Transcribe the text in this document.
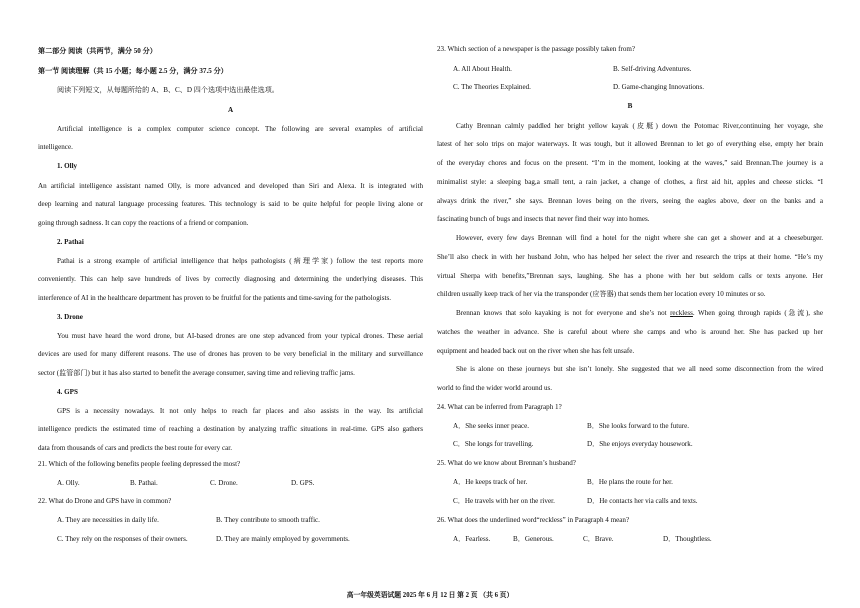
第二部分 阅读（共两节，满分 50 分）
第一节 阅读理解（共 15 小题；每小题 2.5 分，满分 37.5 分）
阅读下列短文，从每题所给的 A、B、C、D 四个选项中选出最佳选项。
A
Artificial intelligence is a complex computer science concept. The following are several examples of artificial
intelligence.
1. Olly
An artificial intelligence assistant named Olly, is more advanced and developed than Siri and Alexa. It is integrated with
deep learning and natural language processing features. This technology is said to be quite helpful for people living alone or
going through sadness. It can copy the reactions of a friend or companion.
2. Pathai
Pathai is a strong example of artificial intelligence that helps pathologists (病理学家) follow the test reports more
conveniently. This can help save hundreds of lives by correctly diagnosing and determining the underlying diseases. This
interference of AI in the healthcare department has proven to be fruitful for the patients and time-saving for the pathologists.
3. Drone
You must have heard the word drone, but AI-based drones are one step advanced from your typical drones. These aerial
devices are used for many different reasons. The use of drones has proven to be very beneficial in the military and surveillance
sector (监管部门) but it has also started to benefit the average consumer, saving time and relieving traffic jams.
4. GPS
GPS is a necessity nowadays. It not only helps to reach far places and also assists in the way. Its artificial
intelligence predicts the estimated time of reaching a destination by analyzing traffic situations in real-time. GPS also gathers
data from thousands of cars and predicts the best route for every car.
21. Which of the following benefits people feeling depressed the most?
A. Olly.	B. Pathai.	C. Drone.	D. GPS.
22. What do Drone and GPS have in common?
A. They are necessities in daily life.	B. They contribute to smooth traffic.
C. They rely on the responses of their owners.	D. They are mainly employed by governments.
23. Which section of a newspaper is the passage possibly taken from?
A. All About Health.	B. Self-driving Adventures.
C. The Theories Explained.	D. Game-changing Innovations.
B
Cathy Brennan calmly paddled her bright yellow kayak (皮艇) down the Potomac River,continuing her voyage, she
latest of her solo trips on major waterways. It was tough, but it allowed Brennan to let go of everything else, empty her brain
of the everyday chores and focus on the present. “I’m in the moment, looking at the waves,” said Brennan.The journey is a
minimalist style: a sleeping bag,a small tent, a rain jacket, a change of clothes, a first aid hit, apples and cheese sticks. “I
always drink the river,” she says. Brennan loves being on the rivers, seeing the eagles above, deer on the banks and a
fascinating bunch of bugs and insects that never find their way into homes.
However, every few days Brennan will find a hotel for the night where she can get a shower and at a cheeseburger.
She’ll also check in with her husband John, who has helped her select the river and research the trips at their home. “He’s my
virtual Sherpa with benefits,”Brennan says, laughing. She has a phone with her but seldom calls or texts anyone. Her
children usually keep track of her via the transponder (应答器) that sends them her location every 10 minutes or so.
Brennan knows that solo kayaking is not for everyone and she’s not reckless. When going through rapids (急流), she
watches the weather in advance. She is careful about where she camps and who is around her. She has packed up her
equipment and headed back out on the river when she has felt unsafe.
She is alone on these journeys but she isn’t lonely. She suggested that we all need some disconnection from the wired
world to find the wider world around us.
24. What can be inferred from Paragraph 1?
A．She seeks inner peace.	B．She looks forward to the future.
C．She longs for travelling.	D．She enjoys everyday housework.
25. What do we know about Brennan’s husband?
A．He keeps track of her.	B．He plans the route for her.
C．He travels with her on the river.	D．He contacts her via calls and texts.
26. What does the underlined word“reckless” in Paragraph 4 mean?
A．Fearless.	B．Generous.	C．Brave.	D．Thoughtless.
高一年级英语试题 2025 年 6 月 12 日 第 2 页 （共 6 页）
